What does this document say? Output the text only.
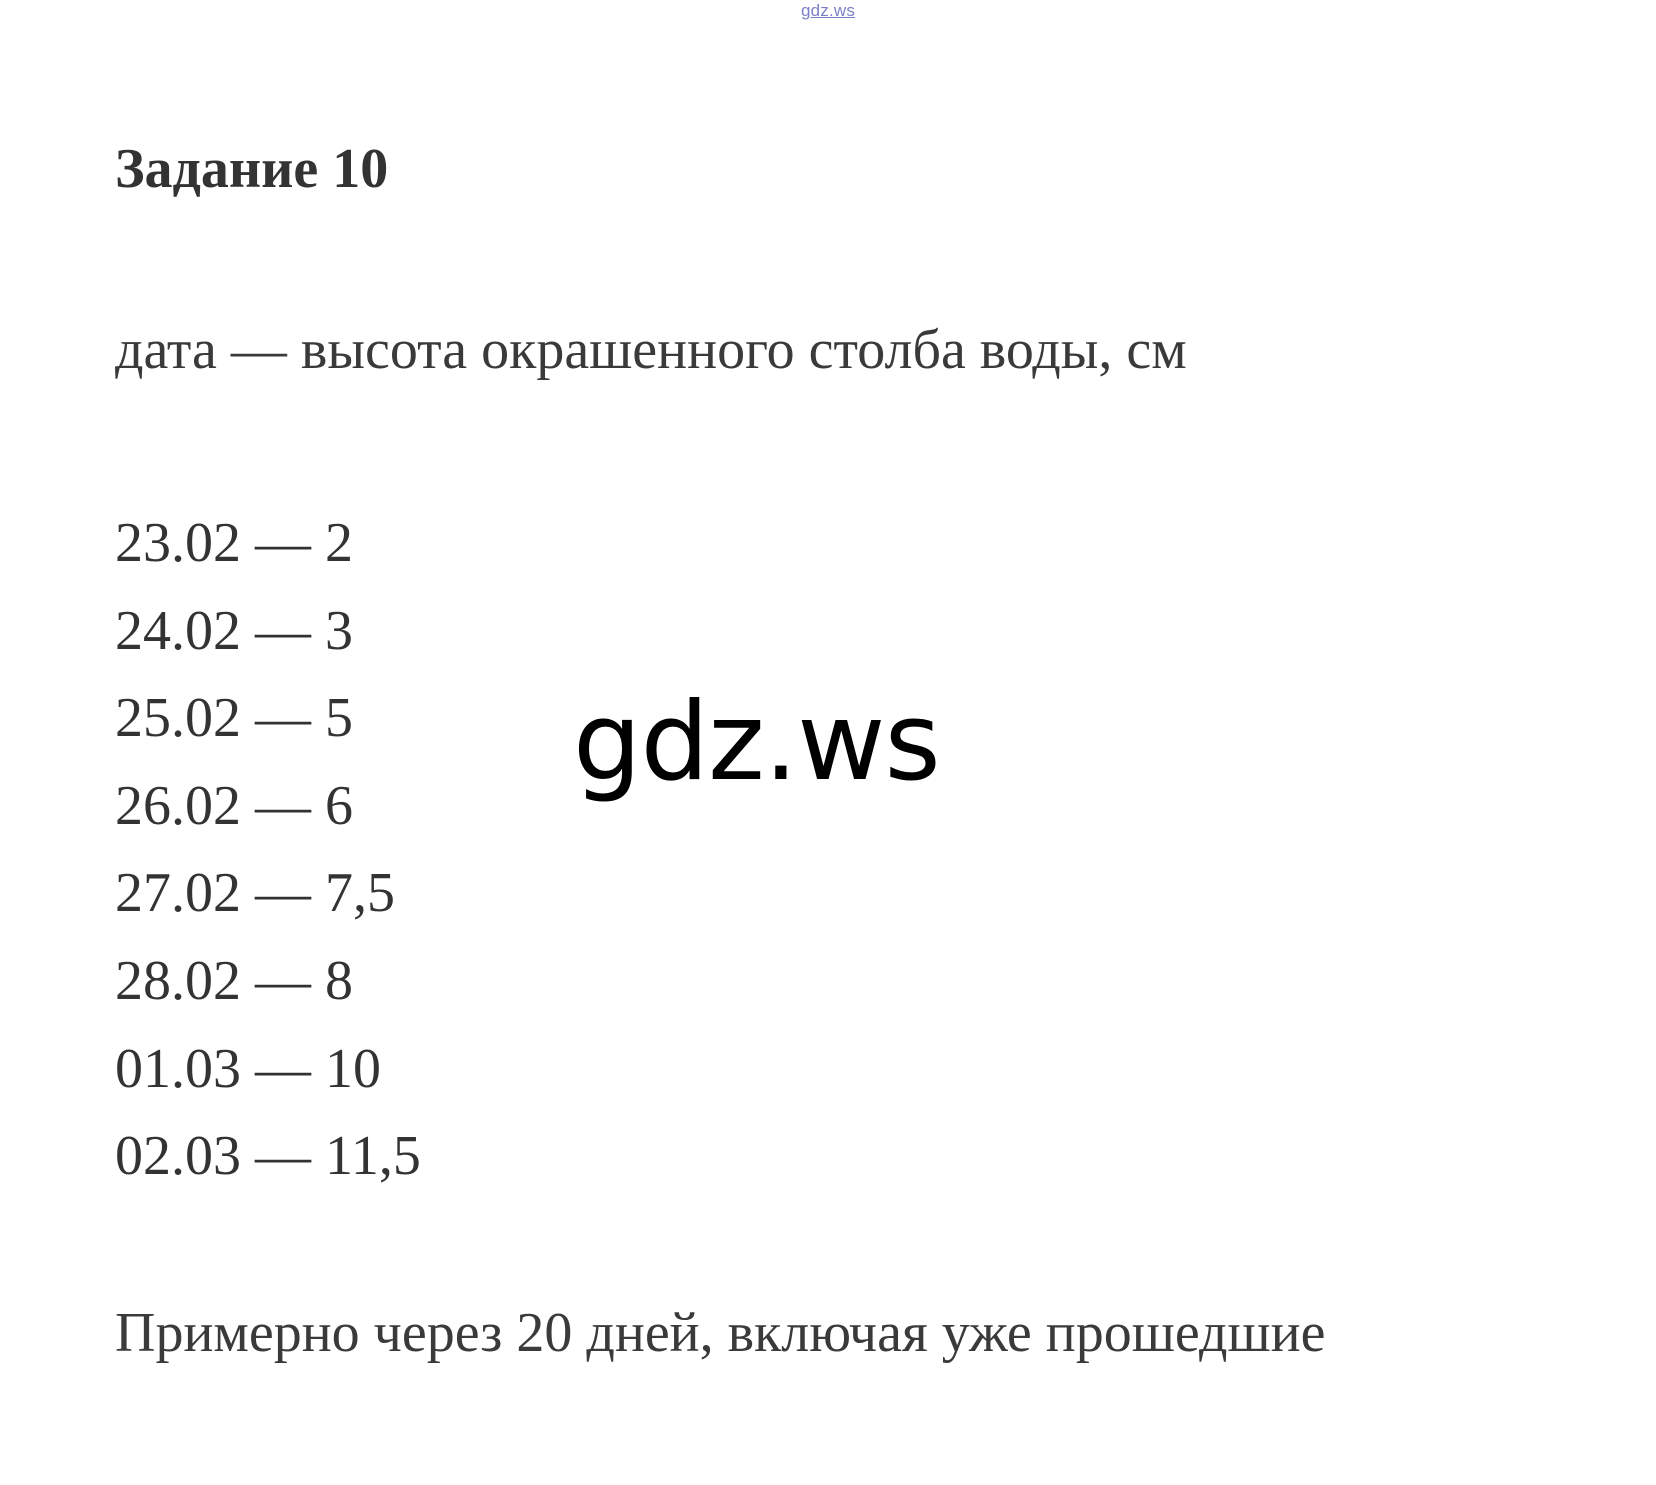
gdz.ws
Задание 10
дата — высота окрашенного столба воды, см
23.02 — 2
24.02 — 3
25.02 — 5
26.02 — 6
27.02 — 7,5
28.02 — 8
01.03 — 10
02.03 — 11,5
Примерно через 20 дней, включая уже прошедшие
gdz.ws
